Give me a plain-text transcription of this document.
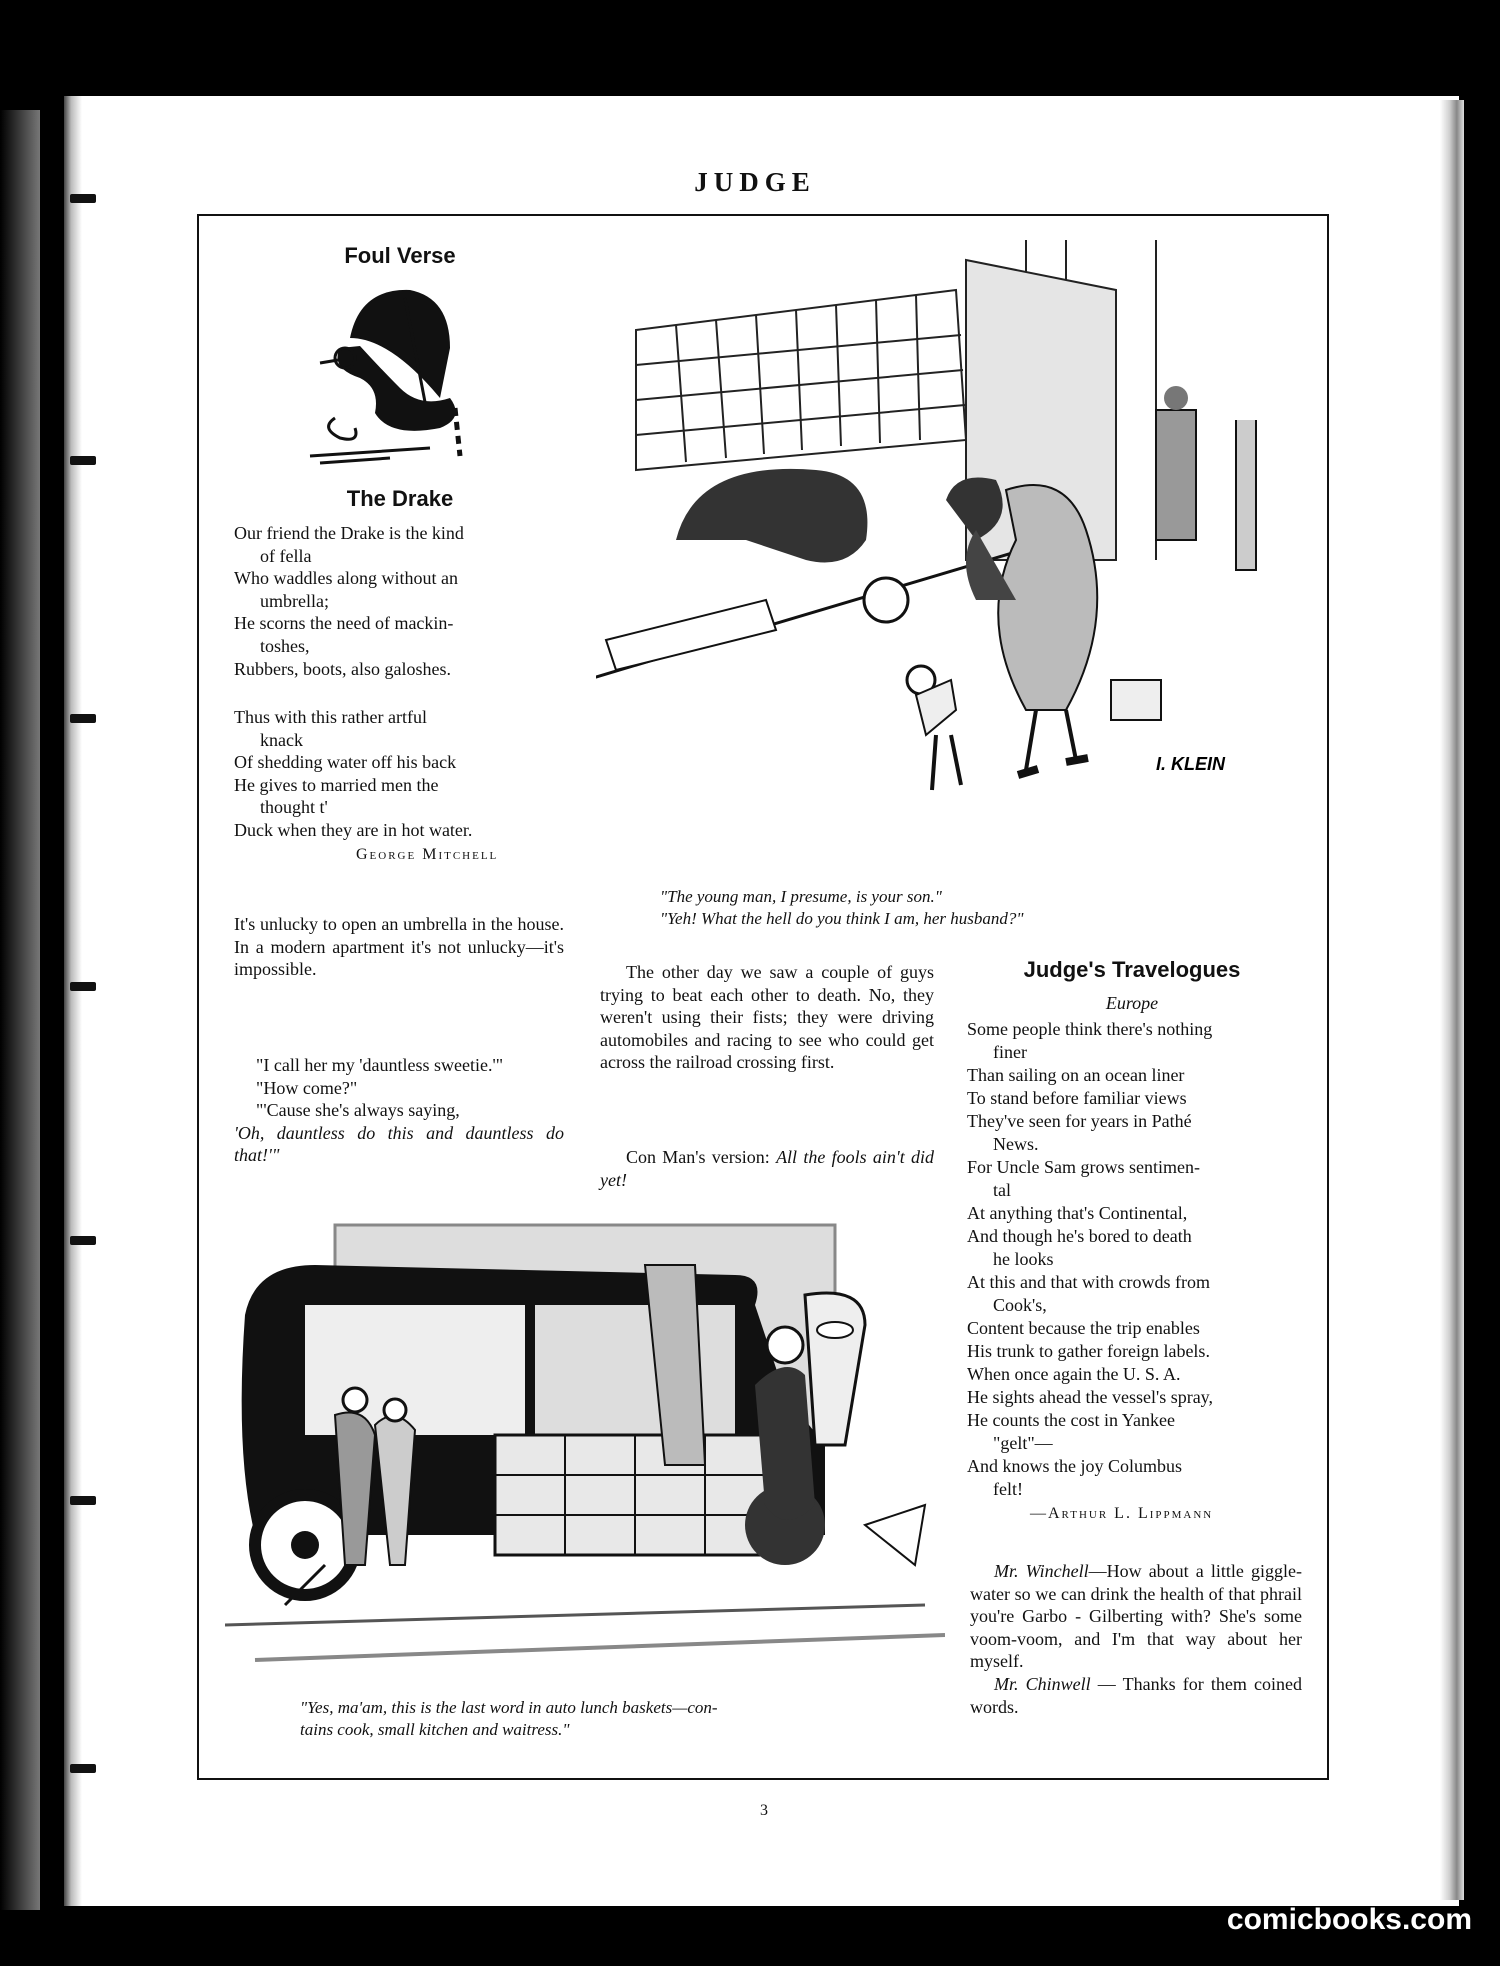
JUDGE
Foul Verse
The Drake
Our friend the Drake is the kind
of fella
Who waddles along without an
umbrella;
He scorns the need of mackin-
toshes,
Rubbers, boots, also galoshes.
Thus with this rather artful
knack
Of shedding water off his back
He gives to married men the
thought t'
Duck when they are in hot water.
George Mitchell
It's unlucky to open an umbrella in the house. In a modern apartment it's not unlucky—it's impossible.
"I call her my 'dauntless sweetie.'"
"How come?"
"'Cause she's always saying,
'Oh, dauntless do this and dauntless do that!'"
I. KLEIN
"The young man, I presume, is your son."
"Yeh! What the hell do you think I am, her husband?"
The other day we saw a couple of guys trying to beat each other to death. No, they weren't using their fists; they were driving automobiles and racing to see who could get across the railroad crossing first.
Con Man's version: All the fools ain't did yet!
Judge's Travelogues
Europe
Some people think there's nothing
finer
Than sailing on an ocean liner
To stand before familiar views
They've seen for years in Pathé
News.
For Uncle Sam grows sentimen-
tal
At anything that's Continental,
And though he's bored to death
he looks
At this and that with crowds from
Cook's,
Content because the trip enables
His trunk to gather foreign labels.
When once again the U. S. A.
He sights ahead the vessel's spray,
He counts the cost in Yankee
"gelt"—
And knows the joy Columbus
felt!
—Arthur L. Lippmann
Mr. Winchell—How about a little giggle-water so we can drink the health of that phrail you're Garbo - Gilberting with? She's some voom-voom, and I'm that way about her myself.
Mr. Chinwell — Thanks for them coined words.
"Yes, ma'am, this is the last word in auto lunch baskets—con-
tains cook, small kitchen and waitress."
3
comicbooks.com
